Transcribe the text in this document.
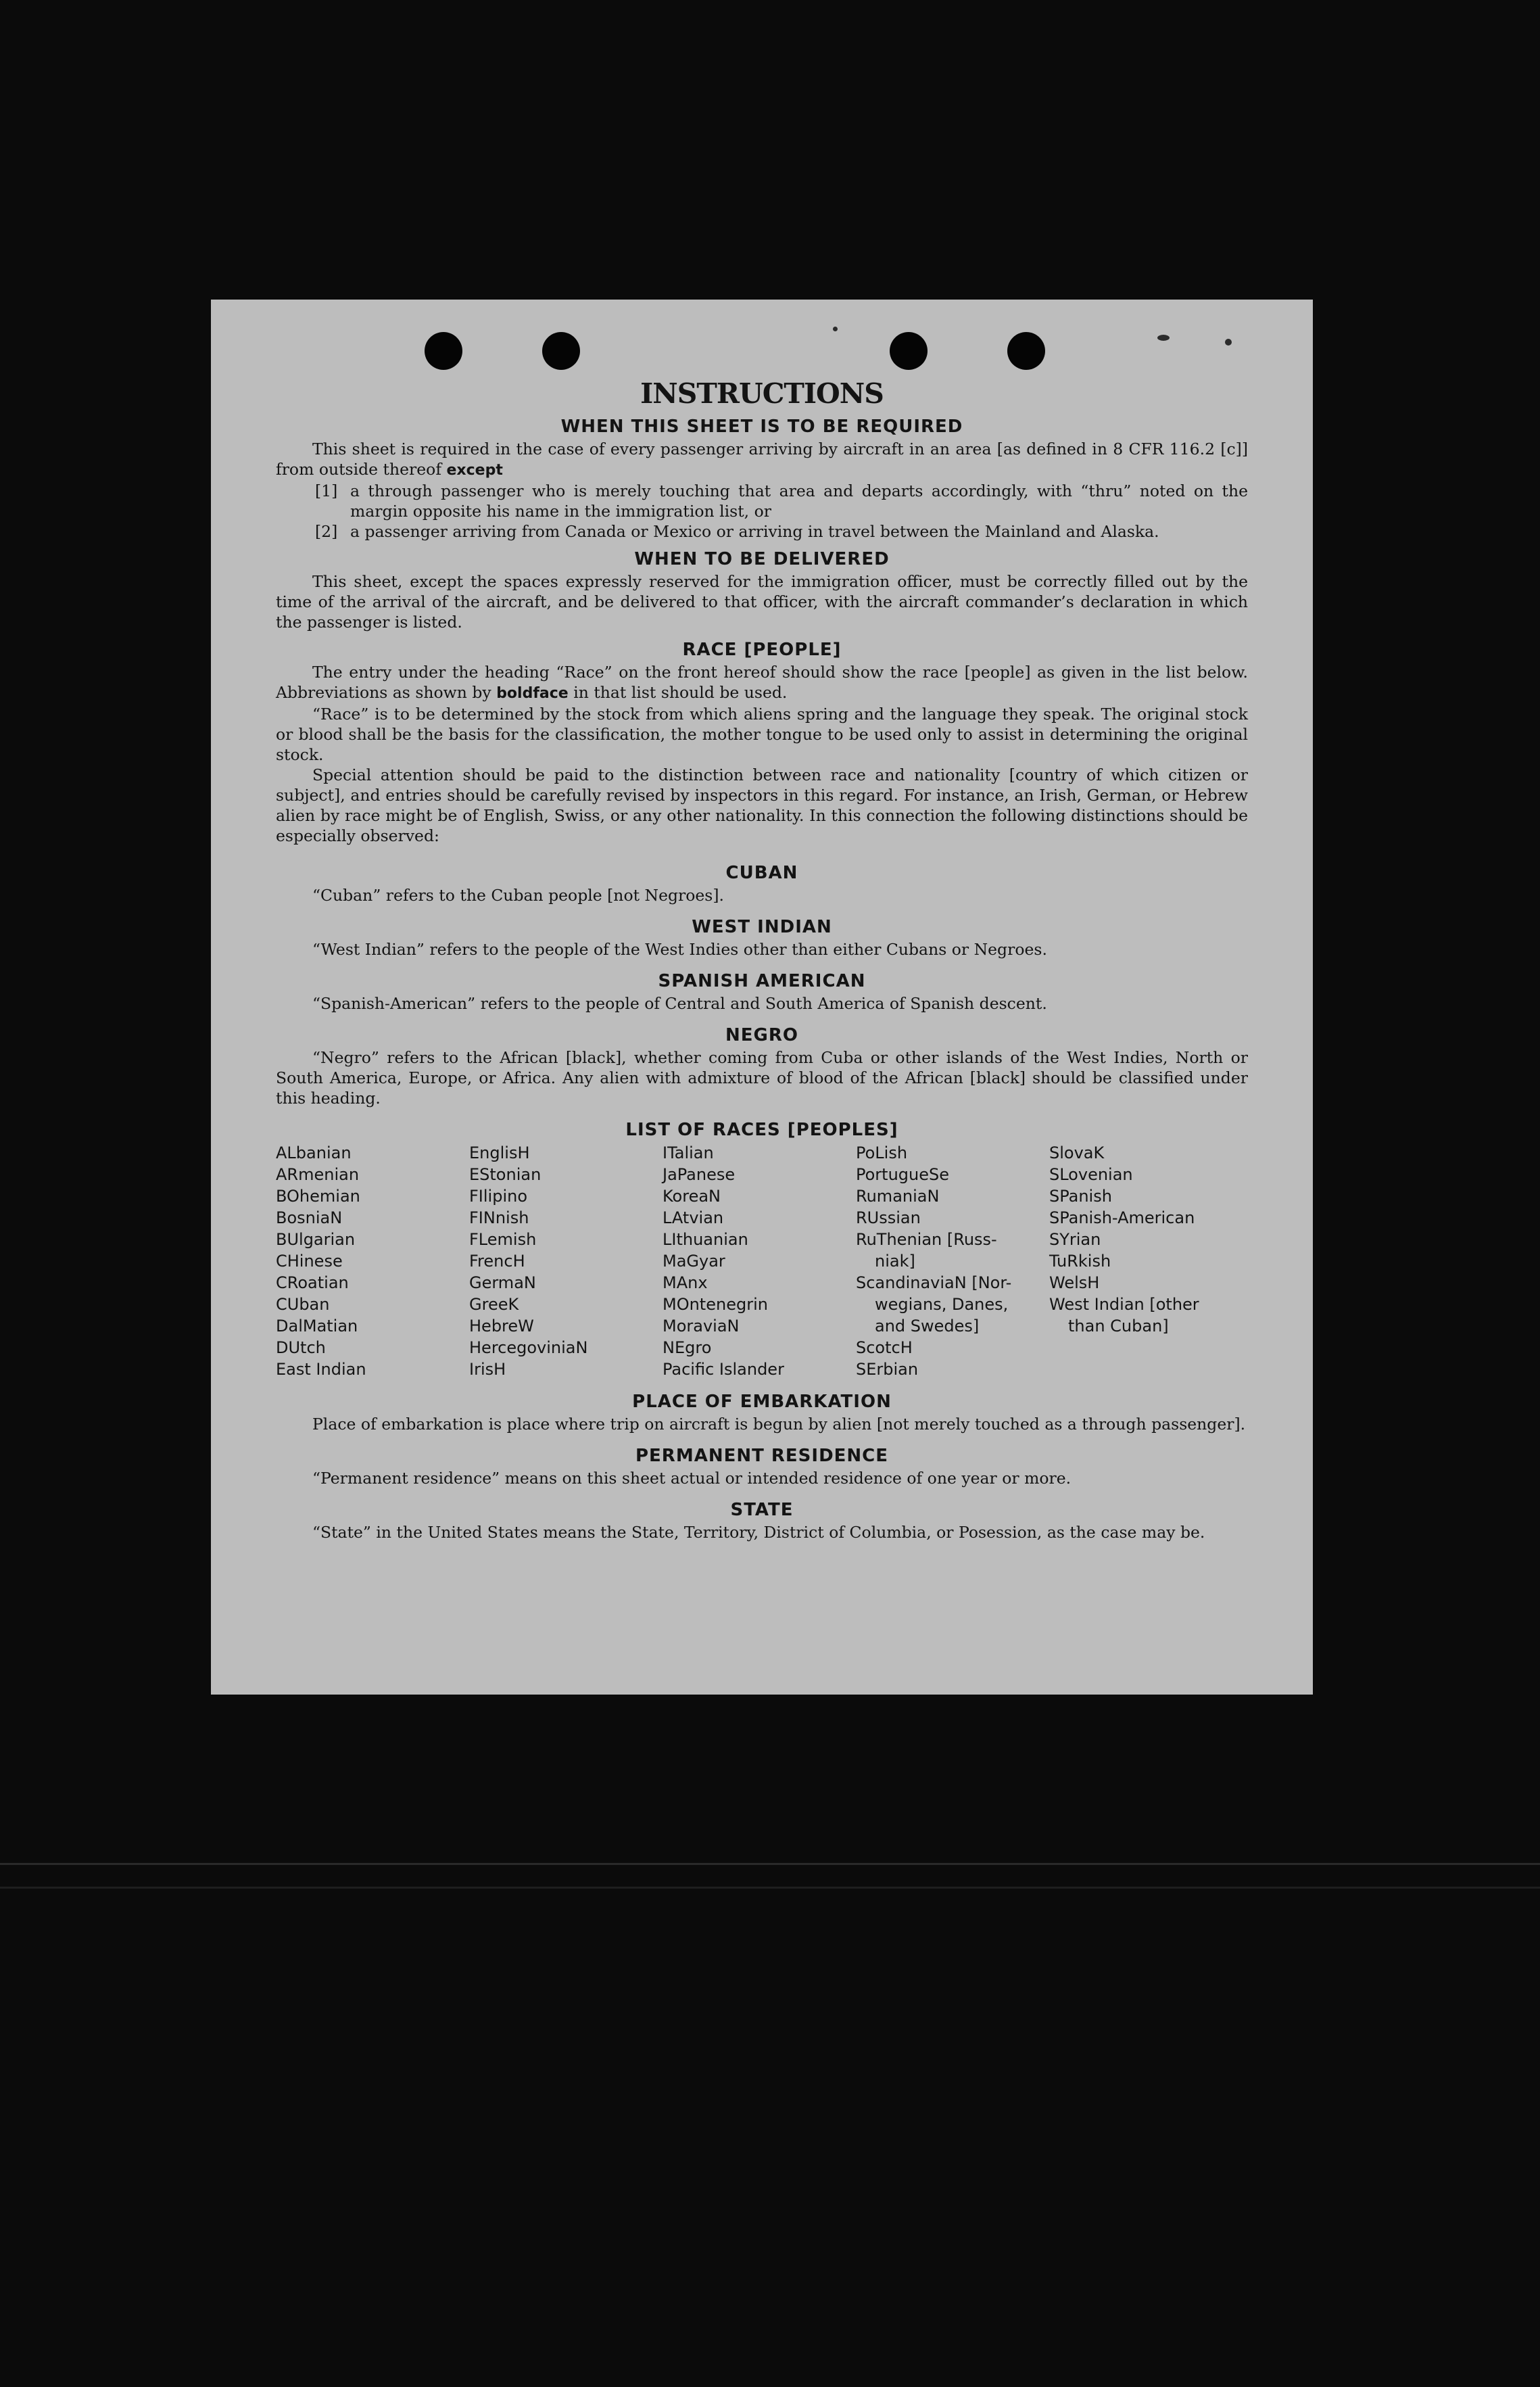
INSTRUCTIONS
WHEN THIS SHEET IS TO BE REQUIRED

This sheet is required in the case of every passenger arriving by aircraft in an area [as defined in 8 CFR 116.2 [c]] from outside thereof except

[1] a through passenger who is merely touching that area and departs accordingly, with “thru” noted on the margin opposite his name in the immigration list, or
[2] a passenger arriving from Canada or Mexico or arriving in travel between the Mainland and Alaska.
WHEN TO BE DELIVERED

This sheet, except the spaces expressly reserved for the immigration officer, must be correctly filled out by the time of the arrival of the aircraft, and be delivered to that officer, with the aircraft commander’s declaration in which the passenger is listed.

RACE [PEOPLE]

The entry under the heading “Race” on the front hereof should show the race [people] as given in the list below. Abbreviations as shown by boldface in that list should be used.

“Race” is to be determined by the stock from which aliens spring and the language they speak. The original stock or blood shall be the basis for the classification, the mother tongue to be used only to assist in determining the original stock.

Special attention should be paid to the distinction between race and nationality [country of which citizen or subject], and entries should be carefully revised by inspectors in this regard. For instance, an Irish, German, or Hebrew alien by race might be of English, Swiss, or any other nationality. In this connection the following distinctions should be especially observed:

CUBAN

“Cuban” refers to the Cuban people [not Negroes].

WEST INDIAN

“West Indian” refers to the people of the West Indies other than either Cubans or Negroes.

SPANISH AMERICAN

“Spanish-American” refers to the people of Central and South America of Spanish descent.

NEGRO

“Negro” refers to the African [black], whether coming from Cuba or other islands of the West Indies, North or South America, Europe, or Africa. Any alien with admixture of blood of the African [black] should be classified under this heading.

LIST OF RACES [PEOPLES]
ALbanian
ARmenian
BOhemian
BosniaN
BUlgarian
CHinese
CRoatian
CUban
DalMatian
DUtch
East Indian
EnglisH
EStonian
FIlipino
FINnish
FLemish
FrencH
GermaN
GreeK
HebreW
HercegoviniaN
IrisH
ITalian
JaPanese
KoreaN
LAtvian
LIthuanian
MaGyar
MAnx
MOntenegrin
MoraviaN
NEgro
Pacific Islander
PoLish
PortugueSe
RumaniaN
RUssian
RuThenian [Russ-
niak]
ScandinaviaN [Nor-
wegians, Danes,
and Swedes]
ScotcH
SErbian
SlovaK
SLovenian
SPanish
SPanish-American
SYrian
TuRkish
WelsH
West Indian [other
than Cuban]
PLACE OF EMBARKATION

Place of embarkation is place where trip on aircraft is begun by alien [not merely touched as a through passenger].

PERMANENT RESIDENCE

“Permanent residence” means on this sheet actual or intended residence of one year or more.

STATE

“State” in the United States means the State, Territory, District of Columbia, or Posession, as the case may be.
